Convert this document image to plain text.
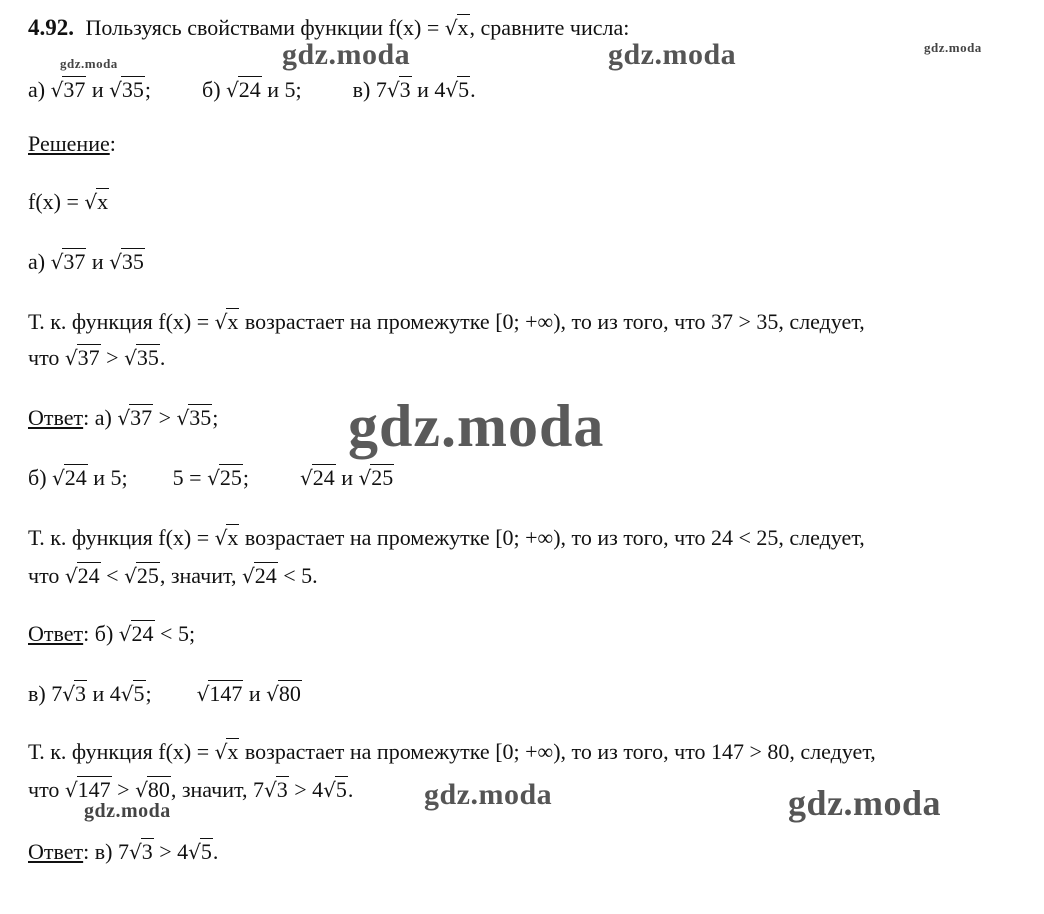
gdz.moda	gdz.moda	gdz.moda	gdz.moda
gdz.moda
gdz.moda	gdz.moda
gdz.moda
4.92. Пользуясь свойствами функции f(x) = √x, сравните числа:
а) √37 и √35; б) √24 и 5; в) 7√3 и 4√5.
Решение:
f(x) = √x
а) √37 и √35
Т. к. функция f(x) = √x возрастает на промежутке [0; +∞), то из того, что 37 > 35, следует,
что √37 > √35.
Ответ: а) √37 > √35;
б) √24 и 5; 5 = √25;	√24 и √25
Т. к. функция f(x) = √x возрастает на промежутке [0; +∞), то из того, что 24 < 25, следует,
что √24 < √25, значит, √24 < 5.
Ответ: б) √24 < 5;
в) 7√3 и 4√5; √147 и √80
Т. к. функция f(x) = √x возрастает на промежутке [0; +∞), то из того, что 147 > 80, следует,
что √147 > √80, значит, 7√3 > 4√5.
Ответ: в) 7√3 > 4√5.
